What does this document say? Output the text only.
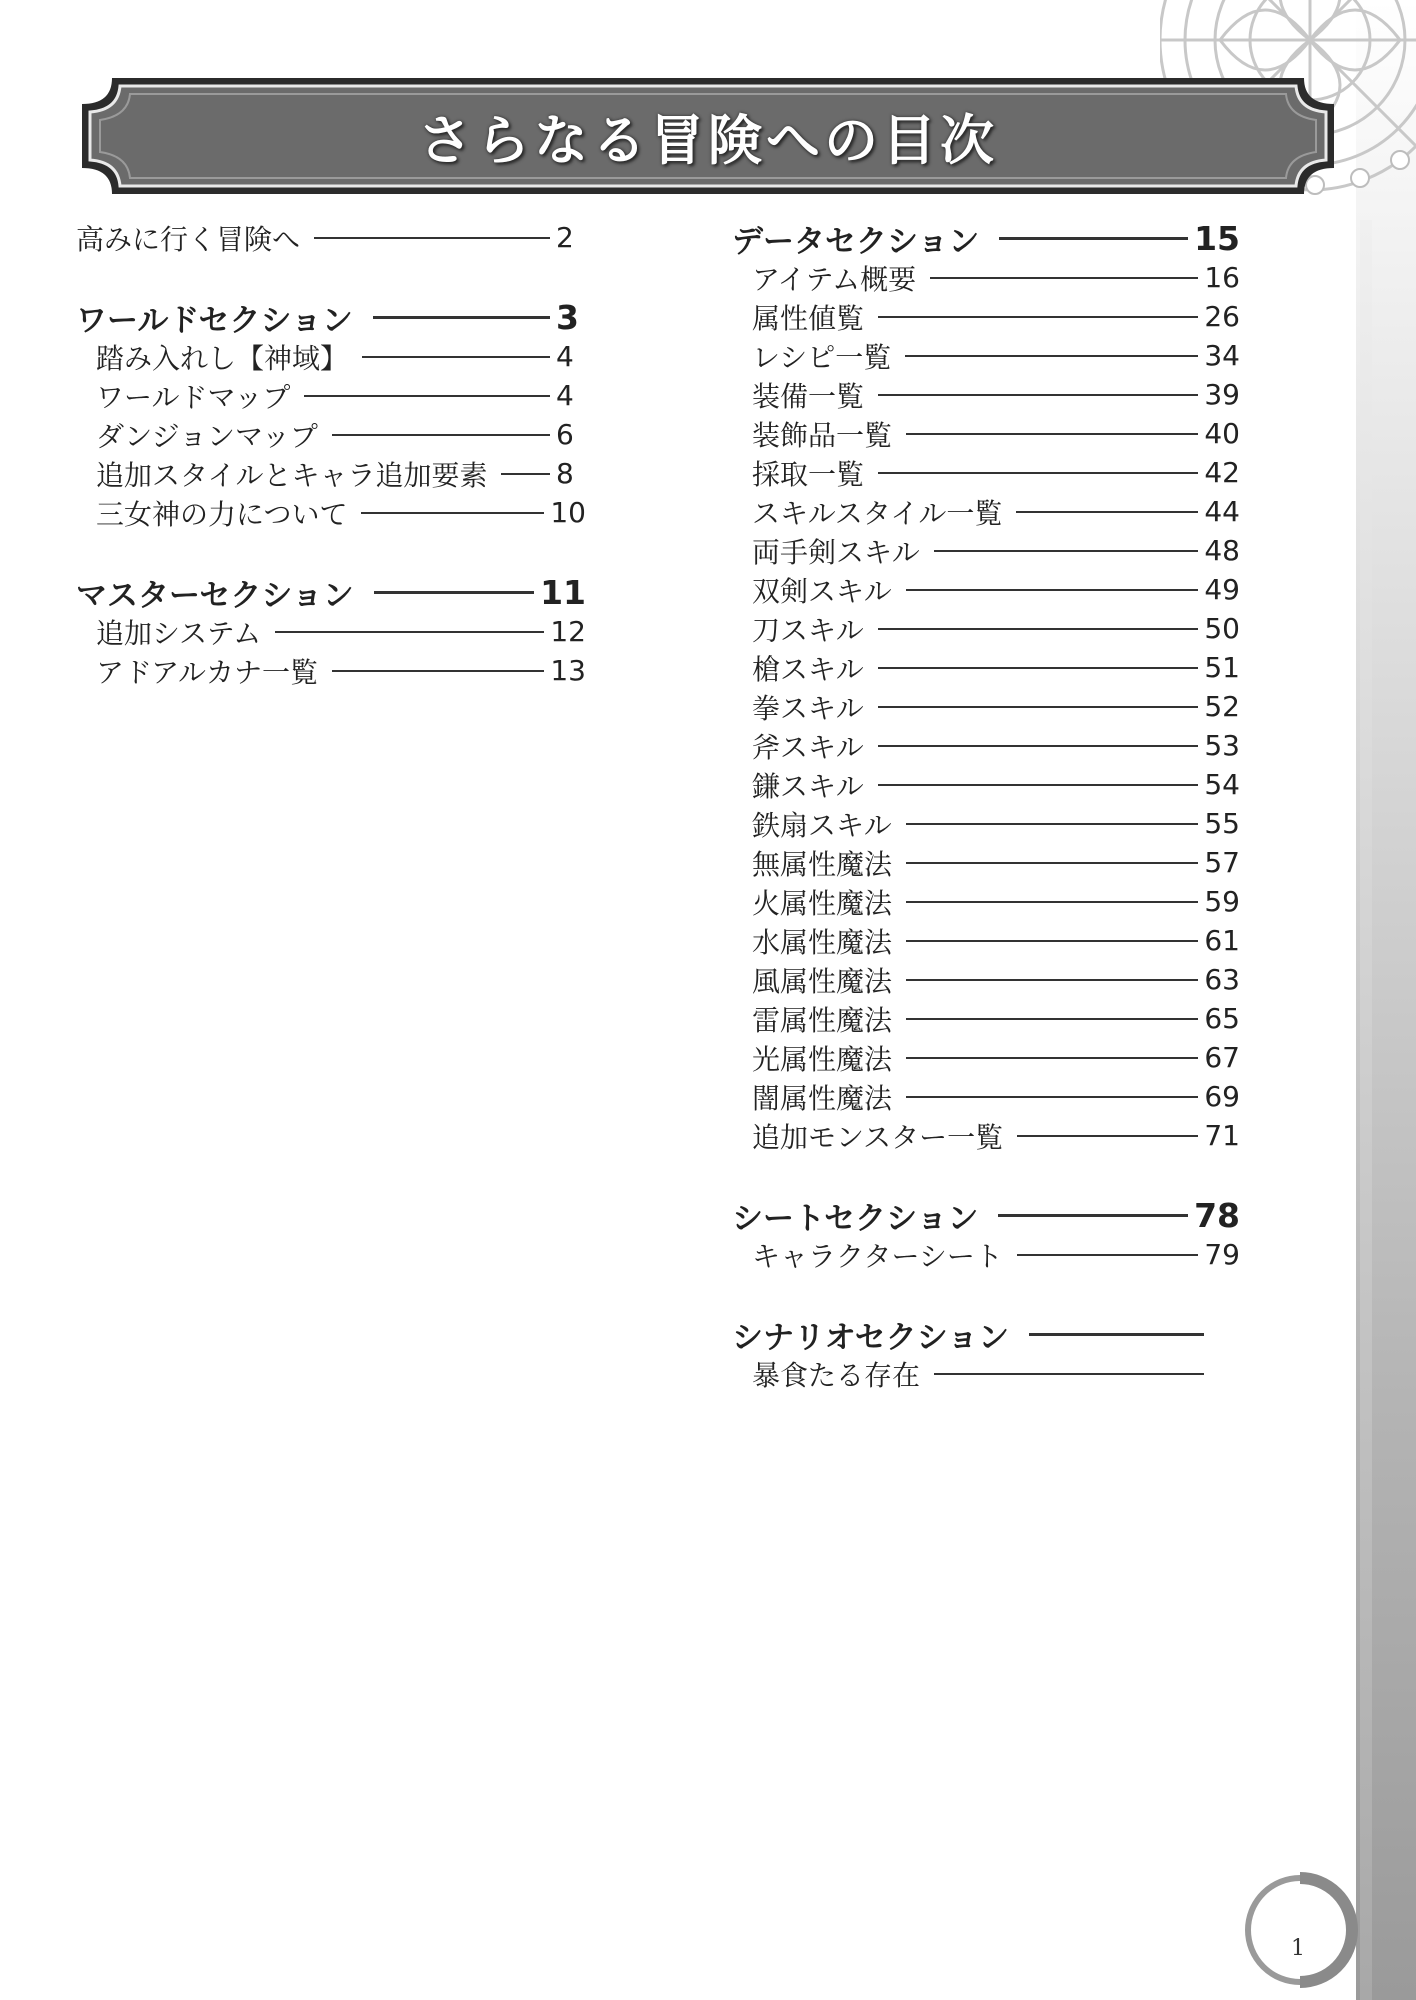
さらなる冒険への目次
高みに行く冒険へ	2
ワールドセクション	3
踏み入れし【神域】	4
ワールドマップ	4
ダンジョンマップ	6
追加スタイルとキャラ追加要素 8
三女神の力について	10
マスターセクション	11
追加システム	12
アドアルカナ一覧	13
データセクション	15
アイテム概要	16
属性値覧	26
レシピ一覧	34
装備一覧	39
装飾品一覧	40
採取一覧	42
スキルスタイル一覧	44
両手剣スキル	48
双剣スキル	49
刀スキル	50
槍スキル	51
拳スキル	52
斧スキル	53
鎌スキル	54
鉄扇スキル	55
無属性魔法	57
火属性魔法	59
水属性魔法	61
風属性魔法	63
雷属性魔法	65
光属性魔法	67
闇属性魔法	69
追加モンスター一覧	71
シートセクション	78
キャラクターシート	79
シナリオセクション
暴食たる存在
1
